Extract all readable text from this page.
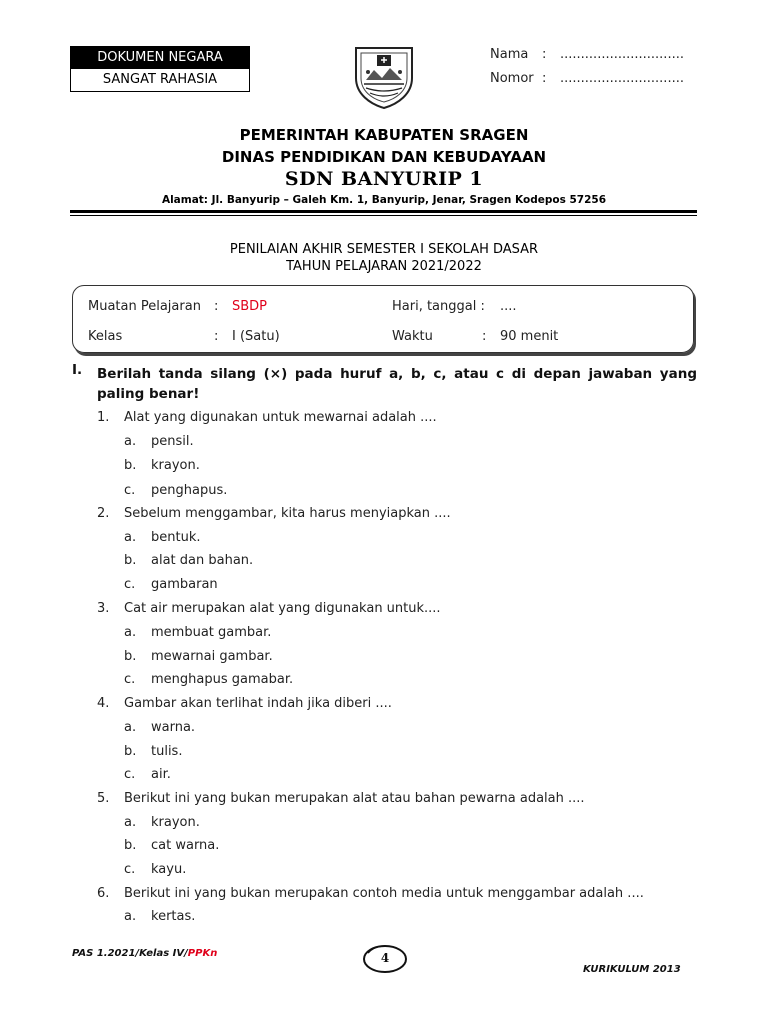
DOKUMEN NEGARA
SANGAT RAHASIA
Nama : ..............................
Nomor : ..............................
PEMERINTAH KABUPATEN SRAGEN
DINAS PENDIDIKAN DAN KEBUDAYAAN
SDN BANYURIP 1
Alamat: Jl. Banyurip – Galeh Km. 1, Banyurip, Jenar, Sragen Kodepos 57256
PENILAIAN AKHIR SEMESTER I SEKOLAH DASAR
TAHUN PELAJARAN 2021/2022
Muatan Pelajaran : SBDP	Hari, tanggal : ....
Kelas	: I (Satu)	Waktu	: 90 menit
I. Berilah tanda silang (×) pada huruf a, b, c, atau c di depan jawaban yang
paling benar!
1. Alat yang digunakan untuk mewarnai adalah ....
a. pensil.
b. krayon.
c. penghapus.
2. Sebelum menggambar, kita harus menyiapkan ....
a. bentuk.
b. alat dan bahan.
c. gambaran
3. Cat air merupakan alat yang digunakan untuk....
a. membuat gambar.
b. mewarnai gambar.
c. menghapus gamabar.
4. Gambar akan terlihat indah jika diberi ....
a. warna.
b. tulis.
c. air.
5. Berikut ini yang bukan merupakan alat atau bahan pewarna adalah ....
a. krayon.
b. cat warna.
c. kayu.
6. Berikut ini yang bukan merupakan contoh media untuk menggambar adalah ....
a. kertas.
PAS 1.2021/Kelas IV/PPKn	4
KURIKULUM 2013
